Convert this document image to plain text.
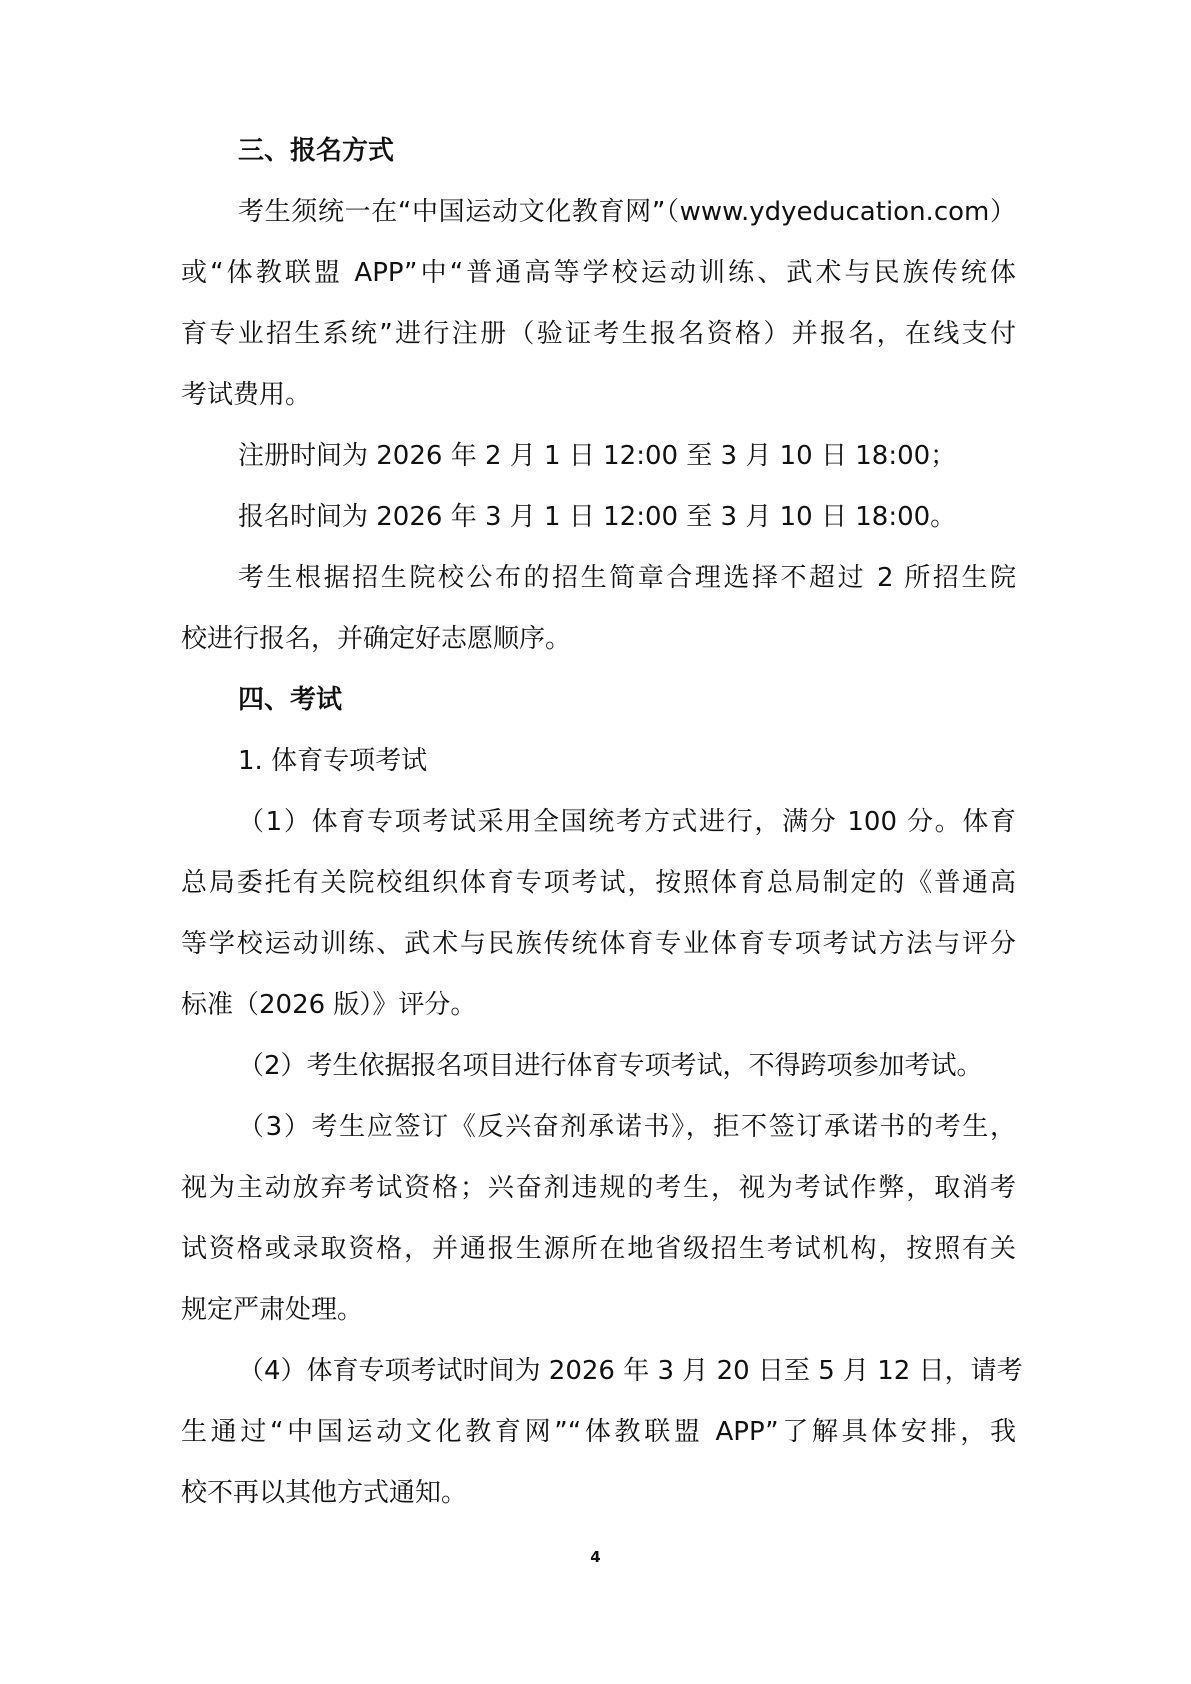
三、报名方式
考生须统一在“中国运动文化教育网”（www.ydyeducation.com）
或“体教联盟 APP”中“普通高等学校运动训练、武术与民族传统体
育专业招生系统”进行注册（验证考生报名资格）并报名，在线支付
考试费用。
注册时间为 2026 年 2 月 1 日 12:00 至 3 月 10 日 18:00；
报名时间为 2026 年 3 月 1 日 12:00 至 3 月 10 日 18:00。
考生根据招生院校公布的招生简章合理选择不超过 2 所招生院
校进行报名，并确定好志愿顺序。
四、考试
1. 体育专项考试
（1）体育专项考试采用全国统考方式进行，满分 100 分。体育
总局委托有关院校组织体育专项考试，按照体育总局制定的《普通高
等学校运动训练、武术与民族传统体育专业体育专项考试方法与评分
标准（2026 版）》评分。
（2）考生依据报名项目进行体育专项考试，不得跨项参加考试。
（3）考生应签订《反兴奋剂承诺书》，拒不签订承诺书的考生，
视为主动放弃考试资格；兴奋剂违规的考生，视为考试作弊，取消考
试资格或录取资格，并通报生源所在地省级招生考试机构，按照有关
规定严肃处理。
（4）体育专项考试时间为 2026 年 3 月 20 日至 5 月 12 日，请考
生通过“中国运动文化教育网”“体教联盟 APP”了解具体安排，我
校不再以其他方式通知。
4
